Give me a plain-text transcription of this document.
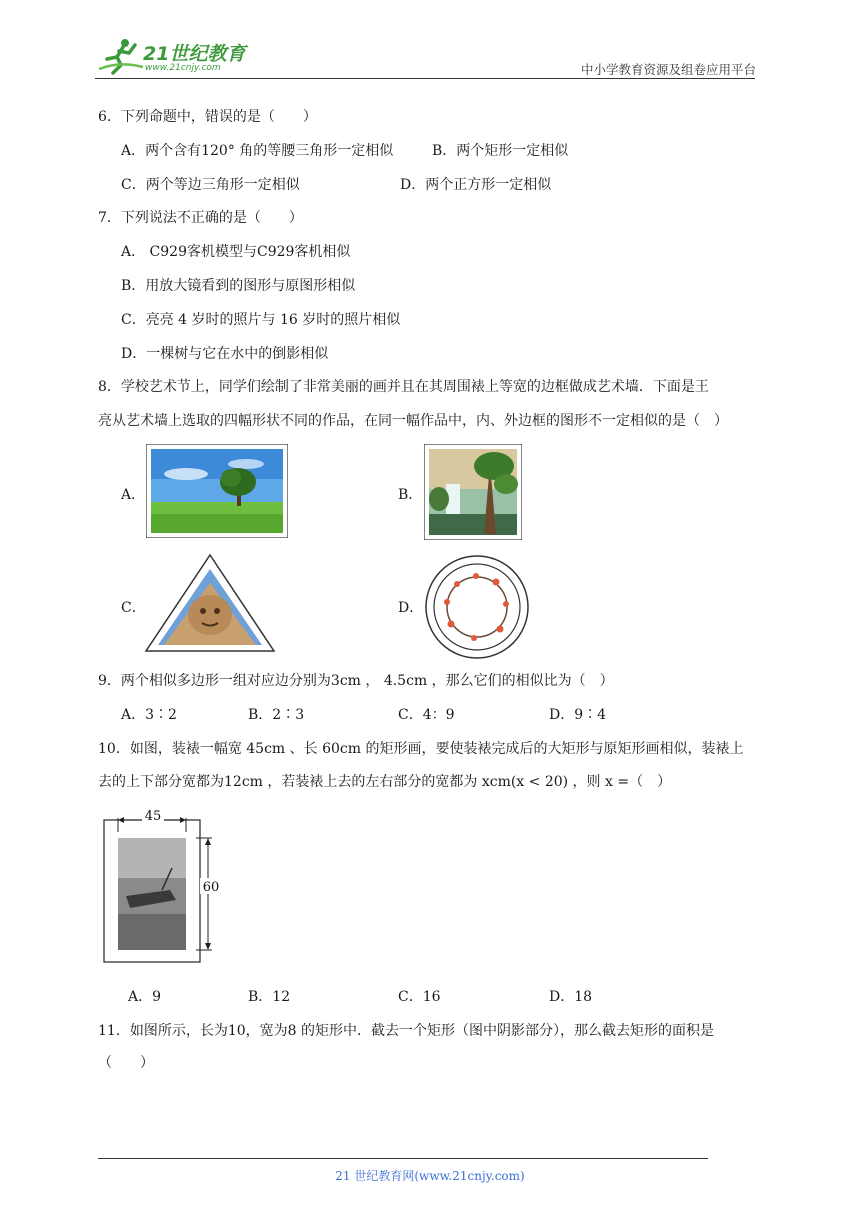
21世纪教育
www.21cnjy.com	中小学教育资源及组卷应用平台
6．下列命题中，错误的是（　　）
A．两个含有120° 角的等腰三角形一定相似	B．两个矩形一定相似
C．两个等边三角形一定相似	D．两个正方形一定相似
7．下列说法不正确的是（　　）
A． C929客机模型与C929客机相似
B．用放大镜看到的图形与原图形相似
C．亮亮 4 岁时的照片与 16 岁时的照片相似
D．一棵树与它在水中的倒影相似
8．学校艺术节上，同学们绘制了非常美丽的画并且在其周围裱上等宽的边框做成艺术墙．下面是王
亮从艺术墙上选取的四幅形状不同的作品，在同一幅作品中，内、外边框的图形不一定相似的是（　）
A．	B．
C．	D．
9．两个相似多边形一组对应边分别为3cm ， 4.5cm ，那么它们的相似比为（　）
A．3∶2	B．2∶3	C．4：9	D．9∶4
10．如图，装裱一幅宽 45cm 、长 60cm 的矩形画，要使装裱完成后的大矩形与原矩形画相似，装裱上
去的上下部分宽都为12cm ，若装裱上去的左右部分的宽都为 xcm(x < 20) ，则 x =（　）
45
60
A．9	B．12	C．16	D．18
11．如图所示，长为10，宽为8 的矩形中．截去一个矩形（图中阴影部分），那么截去矩形的面积是
（　　）
21 世纪教育网(www.21cnjy.com)
